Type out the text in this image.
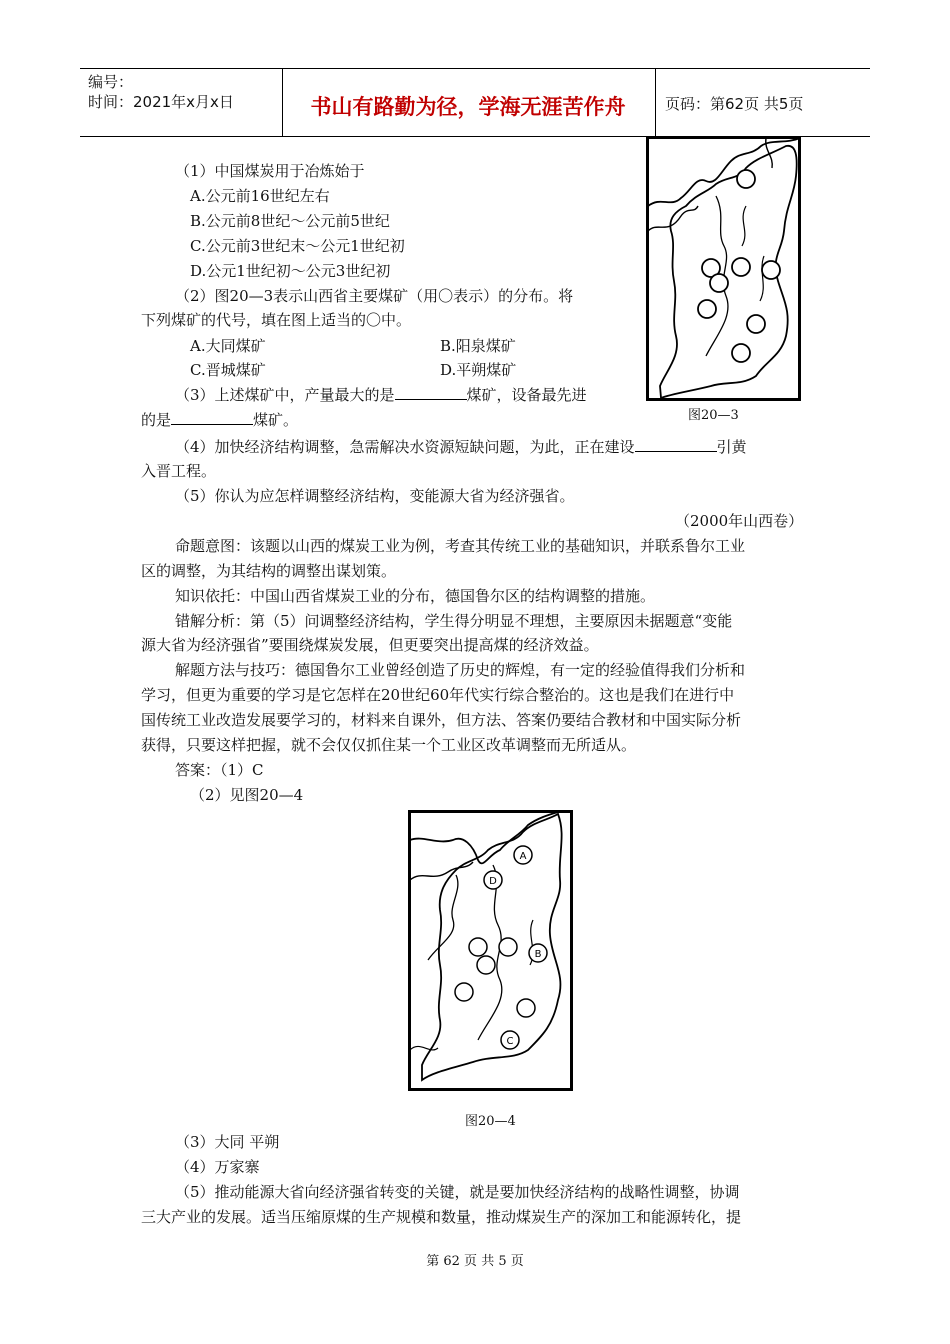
编号：
时间：2021年x月x日	书山有路勤为径，学海无涯苦作舟	页码：第62页 共5页
（1）中国煤炭用于冶炼始于
A.公元前16世纪左右
B.公元前8世纪～公元前5世纪
C.公元前3世纪末～公元1世纪初
D.公元1世纪初～公元3世纪初
（2）图20—3表示山西省主要煤矿（用〇表示）的分布。将
下列煤矿的代号，填在图上适当的〇中。
A.大同煤矿	B.阳泉煤矿
C.晋城煤矿	D.平朔煤矿
（3）上述煤矿中，产量最大的是	煤矿，设备最先进
的是	煤矿。
（4）加快经济结构调整，急需解决水资源短缺问题，为此，正在建设	引黄
入晋工程。
（5）你认为应怎样调整经济结构，变能源大省为经济强省。
（2000年山西卷）
图20—3
命题意图：该题以山西的煤炭工业为例，考查其传统工业的基础知识，并联系鲁尔工业
区的调整，为其结构的调整出谋划策。
知识依托：中国山西省煤炭工业的分布，德国鲁尔区的结构调整的措施。
错解分析：第（5）问调整经济结构，学生得分明显不理想，主要原因未据题意“变能
源大省为经济强省”要围绕煤炭发展，但更要突出提高煤的经济效益。
解题方法与技巧：德国鲁尔工业曾经创造了历史的辉煌，有一定的经验值得我们分析和
学习，但更为重要的学习是它怎样在20世纪60年代实行综合整治的。这也是我们在进行中
国传统工业改造发展要学习的，材料来自课外，但方法、答案仍要结合教材和中国实际分析
获得，只要这样把握，就不会仅仅抓住某一个工业区改革调整而无所适从。
答案：（1）C
（2）见图20—4
A
D
B
C
图20—4
（3）大同 平朔
（4）万家寨
（5）推动能源大省向经济强省转变的关键，就是要加快经济结构的战略性调整，协调
三大产业的发展。适当压缩原煤的生产规模和数量，推动煤炭生产的深加工和能源转化，提
第 62 页 共 5 页
